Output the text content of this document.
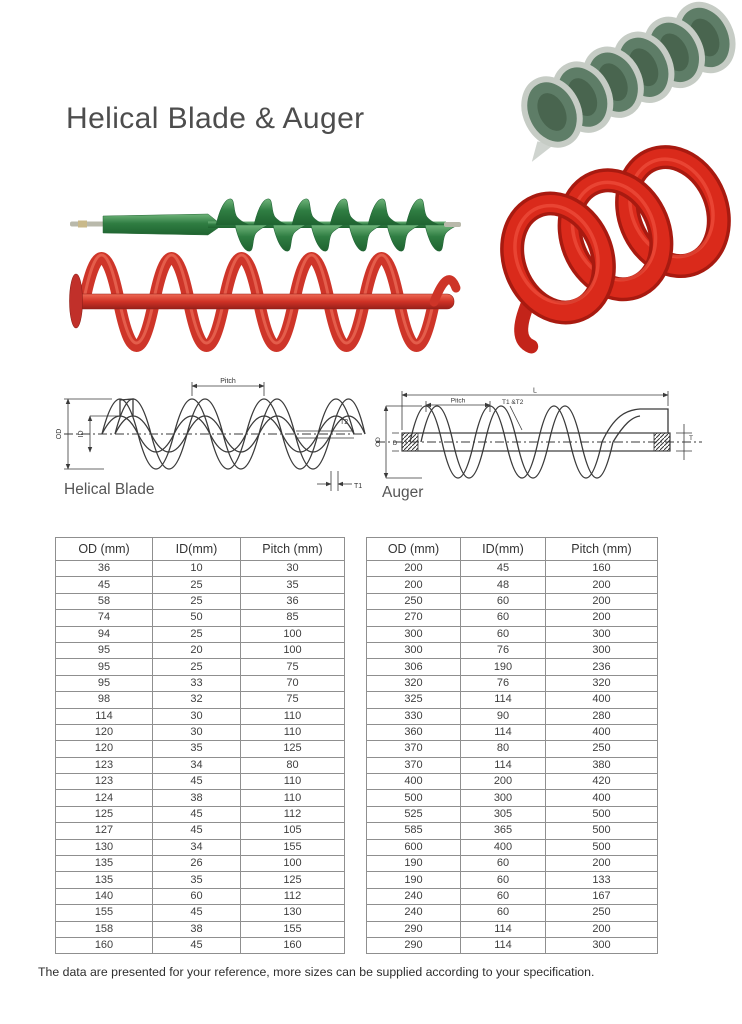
Helical Blade & Auger
Pitch
OD ID
T2
T1
Helical Blade
L
Pitch	T1 &T2
OD D
T
Auger
OD (mm)	ID(mm)	Pitch (mm)
36	10	30
45	25	35
58	25	36
74	50	85
94	25	100
95	20	100
95	25	75
95	33	70
98	32	75
114	30	110
120	30	110
120	35	125
123	34	80
123	45	110
124	38	110
125	45	112
127	45	105
130	34	155
135	26	100
135	35	125
140	60	112
155	45	130
158	38	155
160	45	160
OD (mm)	ID(mm)	Pitch (mm)
200	45	160
200	48	200
250	60	200
270	60	200
300	60	300
300	76	300
306	190	236
320	76	320
325	114	400
330	90	280
360	114	400
370	80	250
370	114	380
400	200	420
500	300	400
525	305	500
585	365	500
600	400	500
190	60	200
190	60	133
240	60	167
240	60	250
290	114	200
290	114	300
The data are presented for your reference, more sizes can be supplied according to your specification.
